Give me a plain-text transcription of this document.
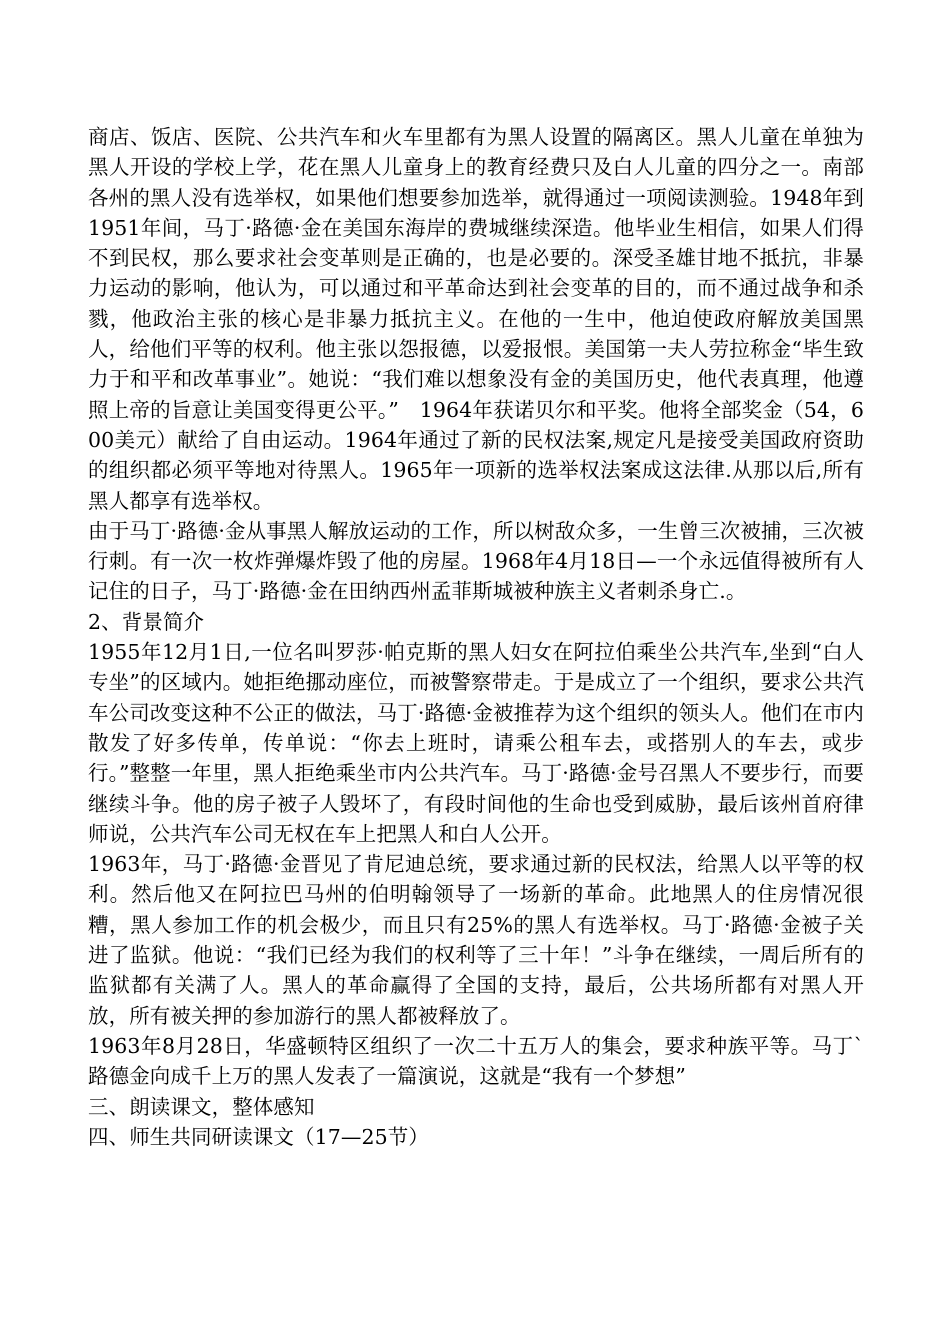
商店、饭店、医院、公共汽车和火车里都有为黑人设置的隔离区。黑人儿童在单独为黑人开设的学校上学，花在黑人儿童身上的教育经费只及白人儿童的四分之一。南部各州的黑人没有选举权，如果他们想要参加选举，就得通过一项阅读测验。1948年到1951年间，马丁·路德·金在美国东海岸的费城继续深造。他毕业生相信，如果人们得不到民权，那么要求社会变革则是正确的，也是必要的。深受圣雄甘地不抵抗，非暴力运动的影响，他认为，可以通过和平革命达到社会变革的目的，而不通过战争和杀戮，他政治主张的核心是非暴力抵抗主义。在他的一生中，他迫使政府解放美国黑人，给他们平等的权利。他主张以怨报德，以爱报恨。美国第一夫人劳拉称金“毕生致力于和平和改革事业”。她说：“我们难以想象没有金的美国历史，他代表真理，他遵照上帝的旨意让美国变得更公平。”　1964年获诺贝尔和平奖。他将全部奖金（54，600美元）献给了自由运动。1964年通过了新的民权法案,规定凡是接受美国政府资助的组织都必须平等地对待黑人。1965年一项新的选举权法案成这法律.从那以后,所有黑人都享有选举权。

由于马丁·路德·金从事黑人解放运动的工作，所以树敌众多，一生曾三次被捕，三次被行刺。有一次一枚炸弹爆炸毁了他的房屋。1968年4月18日—一个永远值得被所有人记住的日子，马丁·路德·金在田纳西州孟菲斯城被种族主义者刺杀身亡.。

2、背景简介

1955年12月1日,一位名叫罗莎·帕克斯的黑人妇女在阿拉伯乘坐公共汽车,坐到“白人专坐”的区域内。她拒绝挪动座位，而被警察带走。于是成立了一个组织，要求公共汽车公司改变这种不公正的做法，马丁·路德·金被推荐为这个组织的领头人。他们在市内散发了好多传单，传单说：“你去上班时，请乘公租车去，或搭别人的车去，或步行。”整整一年里，黑人拒绝乘坐市内公共汽车。马丁·路德·金号召黑人不要步行，而要继续斗争。他的房子被子人毁坏了，有段时间他的生命也受到威胁，最后该州首府律师说，公共汽车公司无权在车上把黑人和白人公开。

1963年，马丁·路德·金晋见了肯尼迪总统，要求通过新的民权法，给黑人以平等的权利。然后他又在阿拉巴马州的伯明翰领导了一场新的革命。此地黑人的住房情况很糟，黑人参加工作的机会极少，而且只有25%的黑人有选举权。马丁·路德·金被子关进了监狱。他说：“我们已经为我们的权利等了三十年！”斗争在继续，一周后所有的监狱都有关满了人。黑人的革命赢得了全国的支持，最后，公共场所都有对黑人开放，所有被关押的参加游行的黑人都被释放了。

1963年8月28日，华盛顿特区组织了一次二十五万人的集会，要求种族平等。马丁`路德金向成千上万的黑人发表了一篇演说，这就是“我有一个梦想”

三、朗读课文，整体感知

四、师生共同研读课文（17—25节）
